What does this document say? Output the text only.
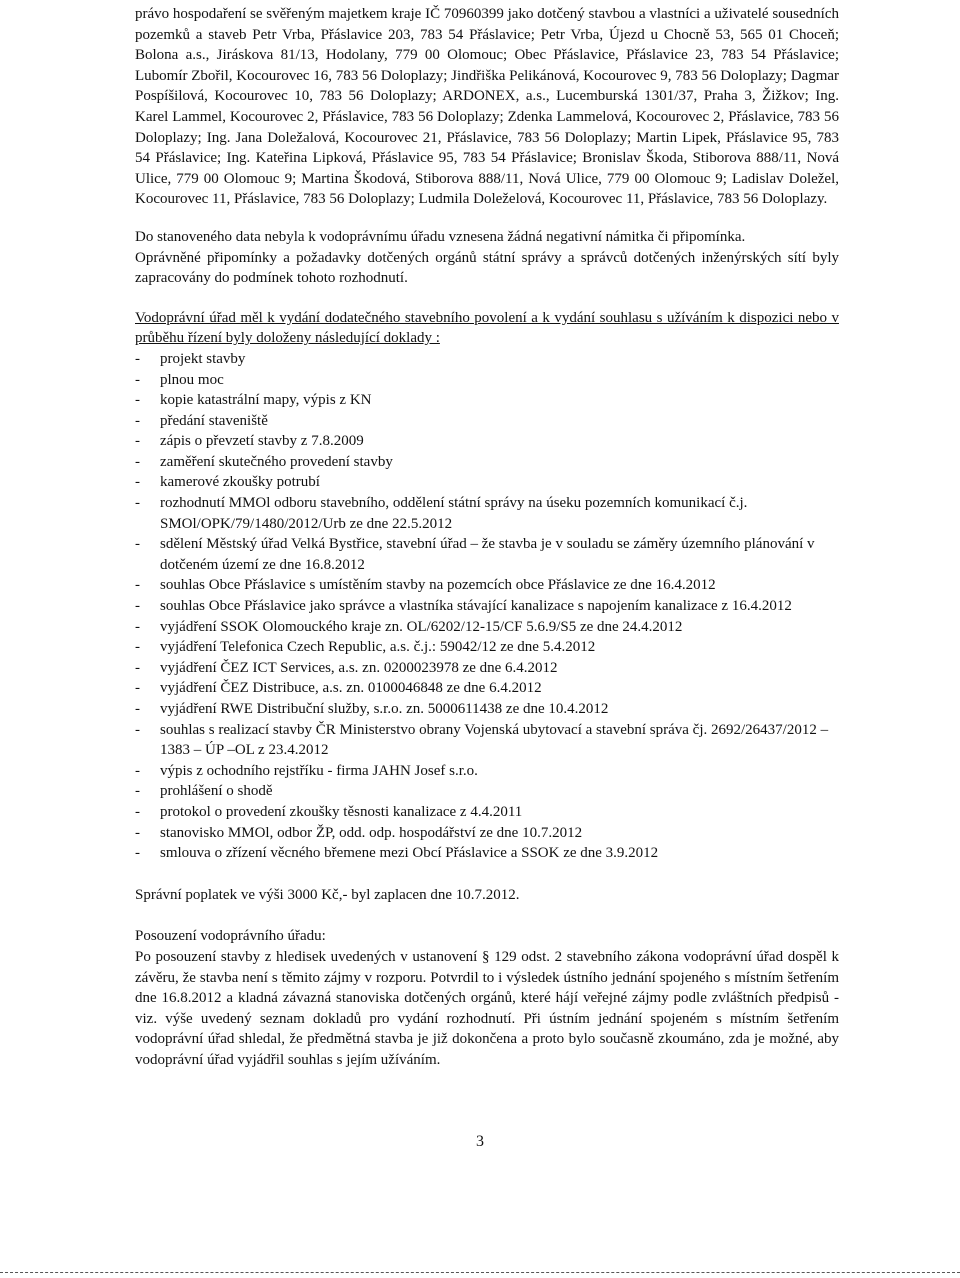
právo hospodaření se svěřeným majetkem kraje IČ 70960399 jako dotčený stavbou a vlastníci a uživatelé sousedních pozemků a staveb Petr Vrba, Přáslavice 203, 783 54 Přáslavice; Petr Vrba, Újezd u Chocně 53, 565 01 Choceň; Bolona a.s., Jiráskova 81/13, Hodolany, 779 00 Olomouc; Obec Přáslavice, Přáslavice 23, 783 54 Přáslavice; Lubomír Zbořil, Kocourovec 16, 783 56 Doloplazy; Jindřiška Pelikánová, Kocourovec 9, 783 56 Doloplazy; Dagmar Pospíšilová, Kocourovec 10, 783 56 Doloplazy; ARDONEX, a.s., Lucemburská 1301/37, Praha 3, Žižkov; Ing. Karel Lammel, Kocourovec 2, Přáslavice, 783 56 Doloplazy; Zdenka Lammelová, Kocourovec 2, Přáslavice, 783 56 Doloplazy; Ing. Jana Doležalová, Kocourovec 21, Přáslavice, 783 56 Doloplazy; Martin Lipek, Přáslavice 95, 783 54 Přáslavice; Ing. Kateřina Lipková, Přáslavice 95, 783 54 Přáslavice; Bronislav Škoda, Stiborova 888/11, Nová Ulice, 779 00 Olomouc 9; Martina Škodová, Stiborova 888/11, Nová Ulice, 779 00 Olomouc 9; Ladislav Doležel, Kocourovec 11, Přáslavice, 783 56 Doloplazy; Ludmila Doleželová, Kocourovec 11, Přáslavice, 783 56 Doloplazy.

Do stanoveného data nebyla k vodoprávnímu úřadu vznesena žádná negativní námitka či připomínka.

Oprávněné připomínky a požadavky dotčených orgánů státní správy a správců dotčených inženýrských sítí byly zapracovány do podmínek tohoto rozhodnutí.

Vodoprávní úřad měl k vydání dodatečného stavebního povolení a k vydání souhlasu s užíváním k dispozici nebo v průběhu řízení byly doloženy následující doklady :

-	projekt stavby
-	plnou moc
-	kopie katastrální mapy, výpis z KN
-	předání staveniště
-	zápis o převzetí stavby z 7.8.2009
-	zaměření skutečného provedení stavby
-	kamerové zkoušky potrubí
-	rozhodnutí MMOl odboru stavebního, oddělení státní správy na úseku pozemních komunikací č.j. SMOl/OPK/79/1480/2012/Urb ze dne 22.5.2012
-	sdělení Městský úřad Velká Bystřice, stavební úřad – že stavba je v souladu se záměry územního plánování v dotčeném území ze dne 16.8.2012
-	souhlas Obce Přáslavice s umístěním stavby na pozemcích obce Přáslavice ze dne 16.4.2012
-	souhlas Obce Přáslavice jako správce a vlastníka stávající kanalizace s napojením kanalizace z 16.4.2012
-	vyjádření SSOK Olomouckého kraje zn. OL/6202/12-15/CF 5.6.9/S5 ze dne 24.4.2012
-	vyjádření Telefonica Czech Republic, a.s. č.j.: 59042/12 ze dne 5.4.2012
-	vyjádření ČEZ ICT Services, a.s. zn. 0200023978 ze dne 6.4.2012
-	vyjádření ČEZ Distribuce, a.s. zn. 0100046848 ze dne 6.4.2012
-	vyjádření RWE Distribuční služby, s.r.o. zn. 5000611438 ze dne 10.4.2012
-	souhlas s realizací stavby ČR Ministerstvo obrany Vojenská ubytovací a stavební správa čj. 2692/26437/2012 – 1383 – ÚP –OL z 23.4.2012
-	výpis z ochodního rejstříku - firma JAHN Josef s.r.o.
-	prohlášení o shodě
-	protokol o provedení zkoušky těsnosti kanalizace z 4.4.2011
-	stanovisko MMOl, odbor ŽP, odd. odp. hospodářství ze dne 10.7.2012
-	smlouva o zřízení věcného břemene mezi Obcí Přáslavice a SSOK ze dne 3.9.2012

Správní poplatek ve výši 3000 Kč,- byl zaplacen dne 10.7.2012.

Posouzení vodoprávního úřadu:

Po posouzení stavby z hledisek uvedených v ustanovení § 129 odst. 2 stavebního zákona vodoprávní úřad dospěl k závěru, že stavba není s těmito zájmy v rozporu. Potvrdil to i výsledek ústního jednání spojeného s místním šetřením dne 16.8.2012 a kladná závazná stanoviska dotčených orgánů, které hájí veřejné zájmy podle zvláštních předpisů - viz. výše uvedený seznam dokladů pro vydání rozhodnutí. Při ústním jednání spojeném s místním šetřením vodoprávní úřad shledal, že předmětná stavba je již dokončena a proto bylo současně zkoumáno, zda je možné, aby vodoprávní úřad vyjádřil souhlas s jejím užíváním.

3
